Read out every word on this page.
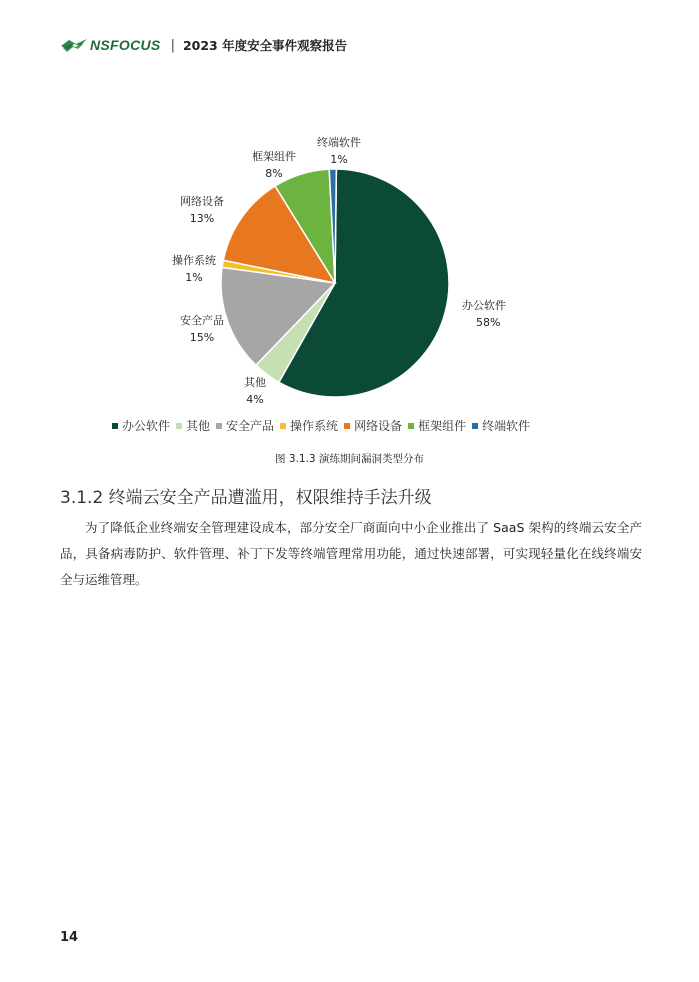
NSFOCUS | 2023 年度安全事件观察报告
办公软件
58%
其他
4%
安全产品
15%
操作系统
1%
网络设备
13%
框架组件
8%
终端软件
1%
办公软件 其他 安全产品 操作系统 网络设备 框架组件 终端软件
图 3.1.3 演练期间漏洞类型分布
3.1.2 终端云安全产品遭滥用，权限维持手法升级

为了降低企业终端安全管理建设成本，部分安全厂商面向中小企业推出了 SaaS 架构的终端云安全产品，具备病毒防护、软件管理、补丁下发等终端管理常用功能，通过快速部署，可实现轻量化在线终端安全与运维管理。

14
